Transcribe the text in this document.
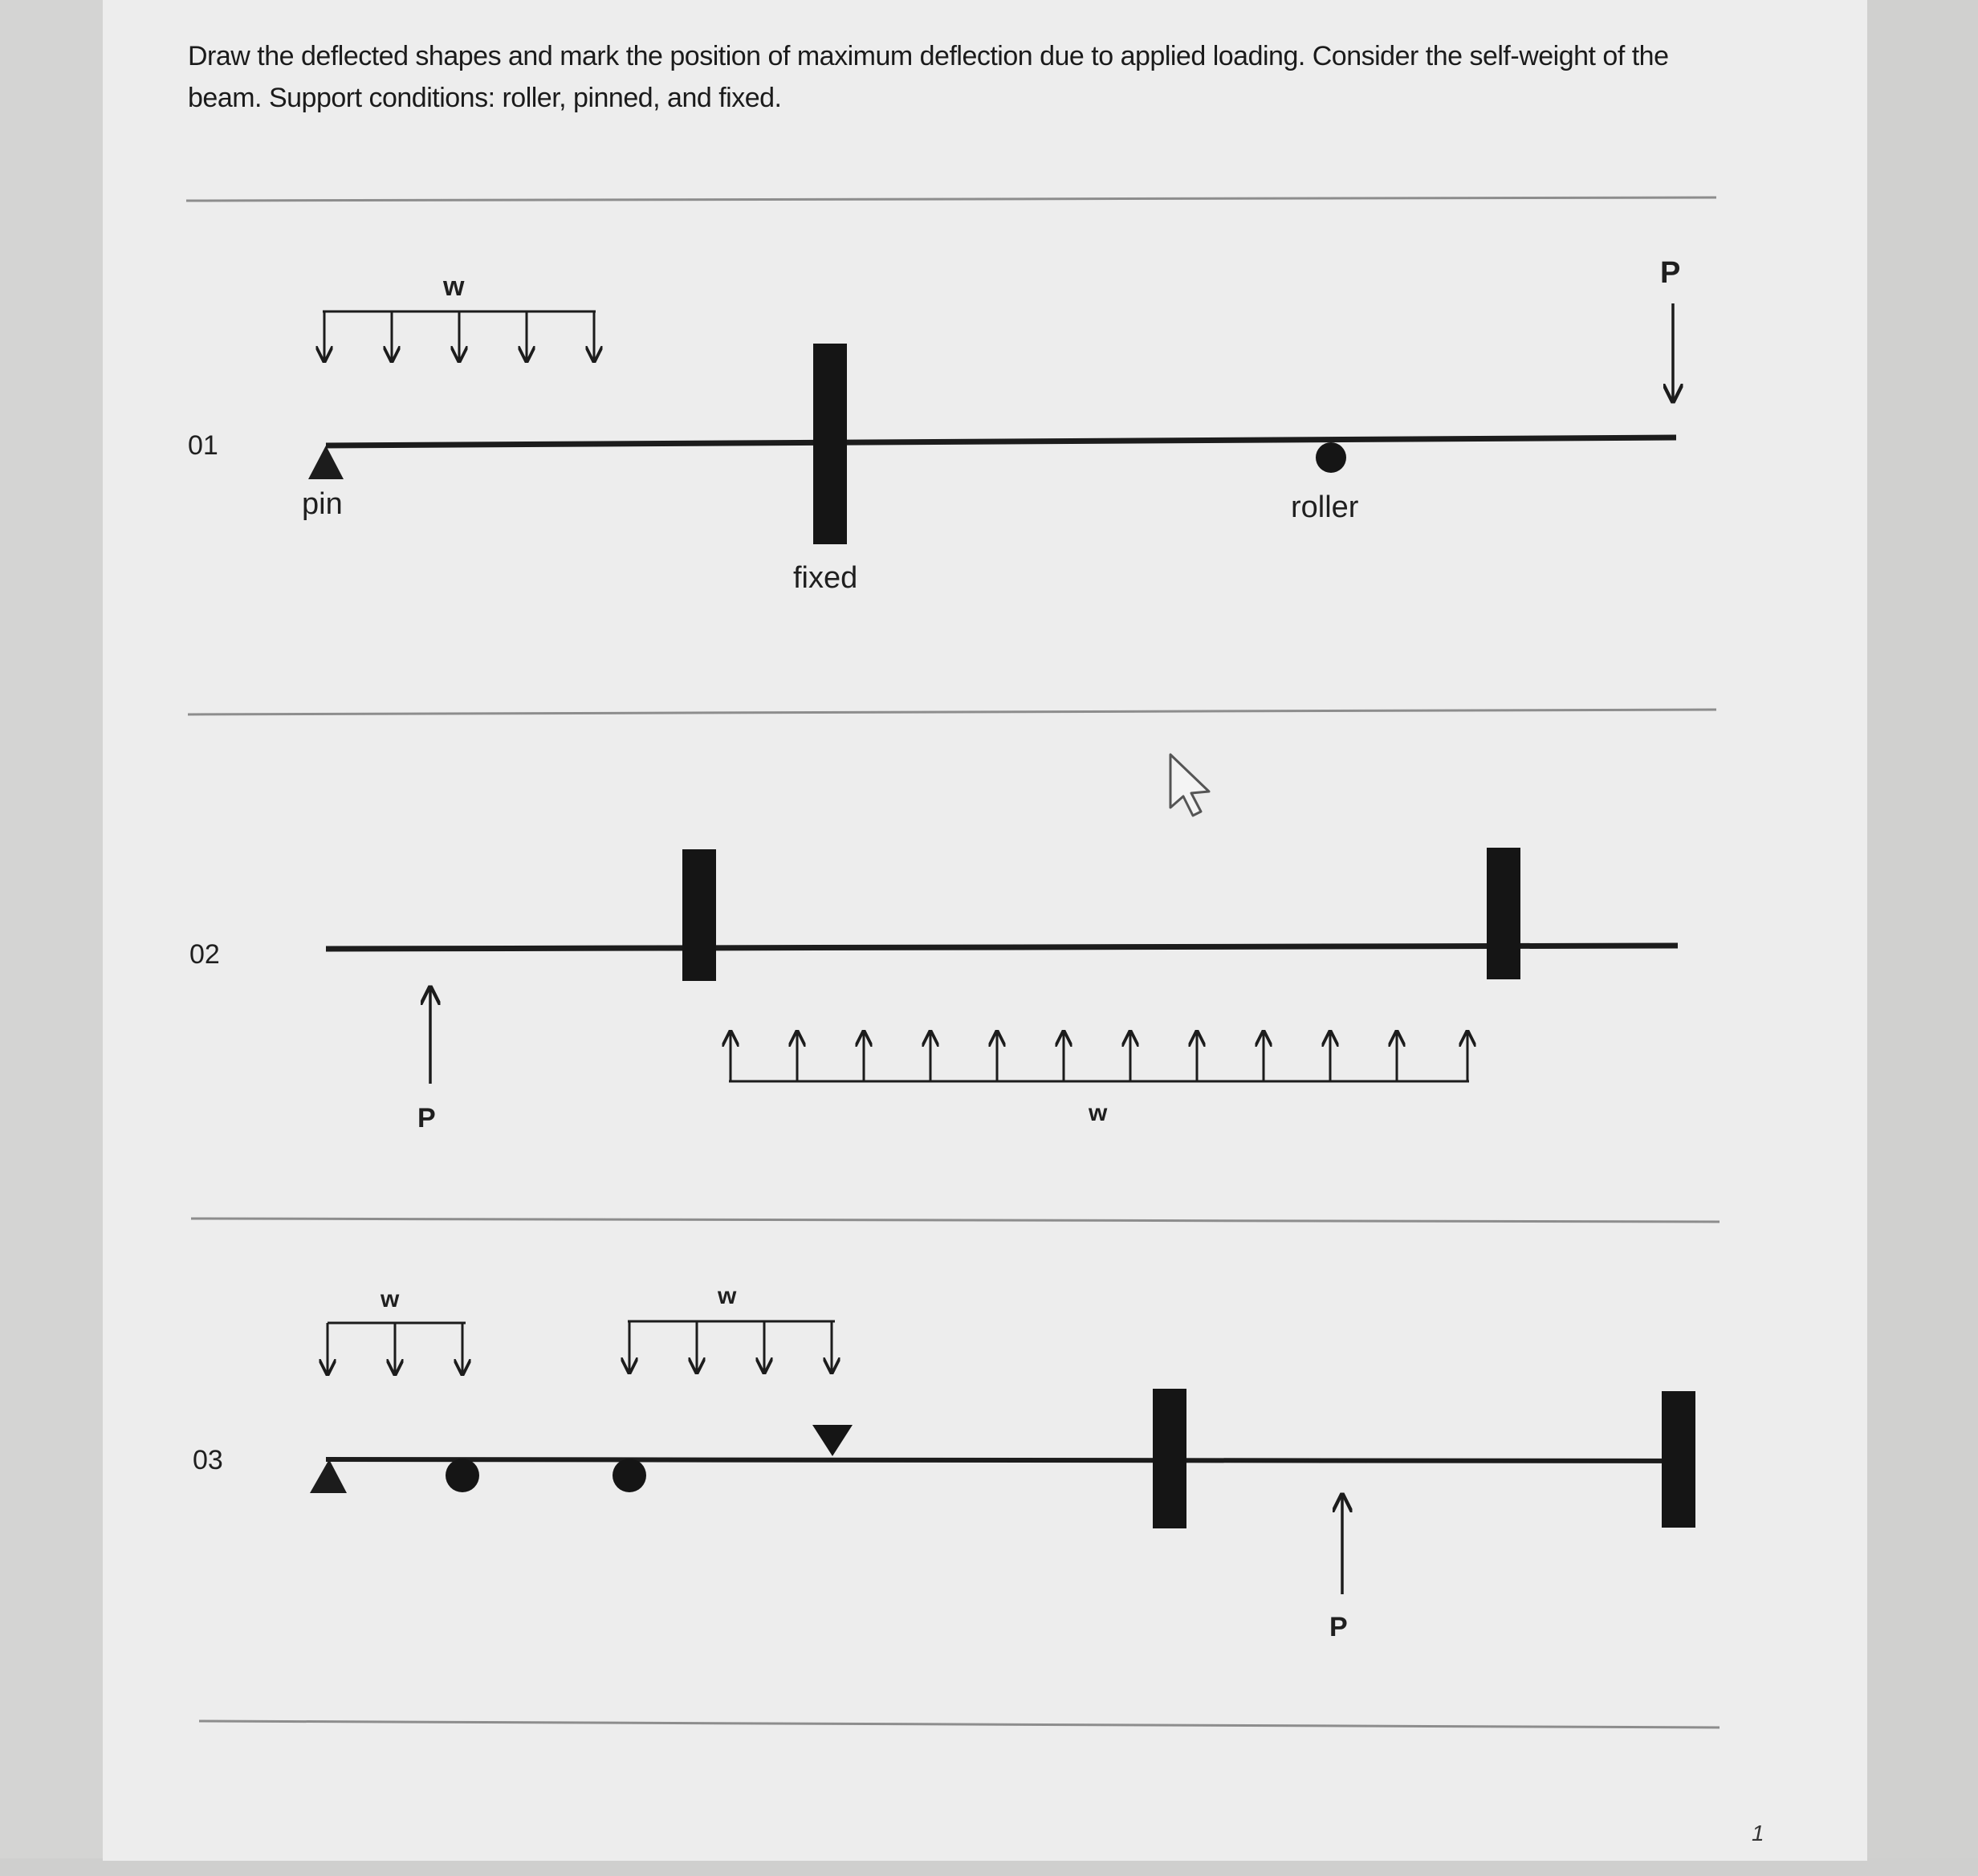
Draw the deflected shapes and mark the position of maximum deflection due to applied loading. Consider the self-weight of the beam. Support conditions: roller, pinned, and fixed.

01
pin
fixed
roller
w	P
02
P	w
03
w	w
P
1
